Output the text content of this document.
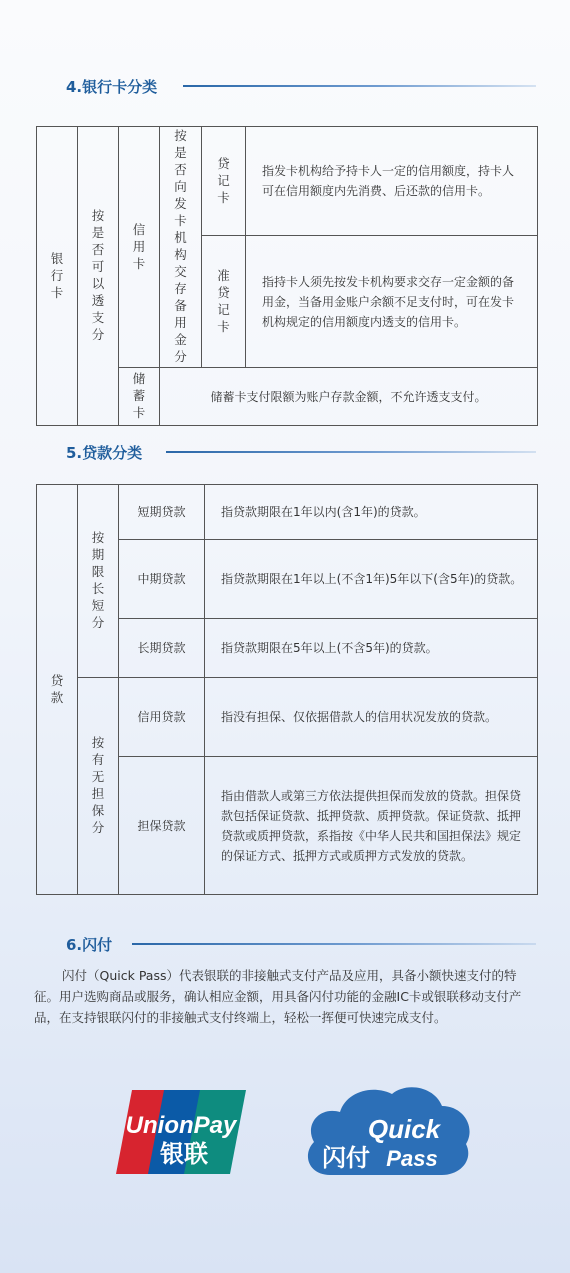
4.银行卡分类
银行卡	按是否可以透支分	信用卡	按是否向发卡机构交存备用金分	贷记卡	指发卡机构给予持卡人一定的信用额度，持卡人可在信用额度内先消费、后还款的信用卡。
				准贷记卡	指持卡人须先按发卡机构要求交存一定金额的备用金，当备用金账户余额不足支付时，可在发卡机构规定的信用额度内透支的信用卡。
		储蓄卡	储蓄卡支付限额为账户存款金额，不允许透支支付。		
5.贷款分类
贷款	按期限长短分	短期贷款	指贷款期限在1年以内(含1年)的贷款。
		中期贷款	指贷款期限在1年以上(不含1年)5年以下(含5年)的贷款。
		长期贷款	指贷款期限在5年以上(不含5年)的贷款。
	按有无担保分	信用贷款	指没有担保、仅依据借款人的信用状况发放的贷款。
		担保贷款	指由借款人或第三方依法提供担保而发放的贷款。担保贷款包括保证贷款、抵押贷款、质押贷款。保证贷款、抵押贷款或质押贷款，系指按《中华人民共和国担保法》规定的保证方式、抵押方式或质押方式发放的贷款。
6.闪付
闪付（Quick Pass）代表银联的非接触式支付产品及应用，具备小额快速支付的特征。用户选购商品或服务，确认相应金额，用具备闪付功能的金融IC卡或银联移动支付产品，在支持银联闪付的非接触式支付终端上，轻松一挥便可快速完成支付。
UnionPay
银联
Quick
闪付 Pass
